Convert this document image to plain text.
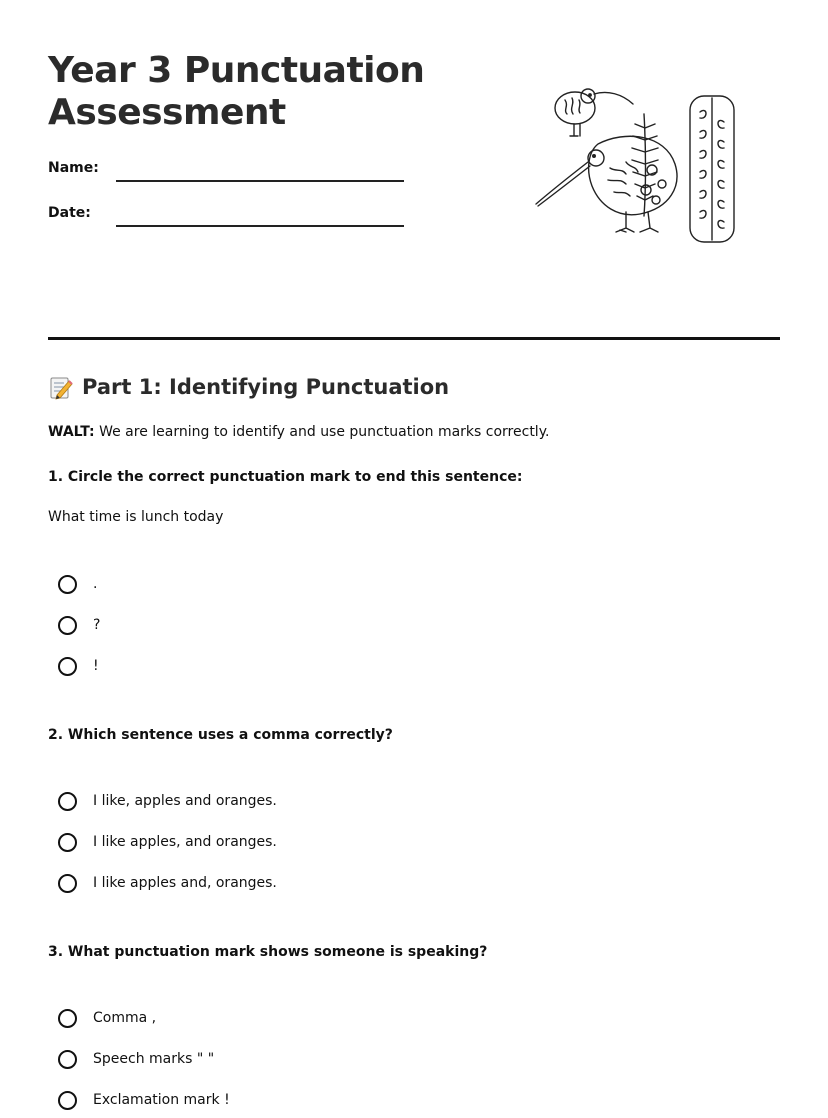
Year 3 Punctuation Assessment
Name:
Date:
Part 1: Identifying Punctuation
WALT: We are learning to identify and use punctuation marks correctly.
1. Circle the correct punctuation mark to end this sentence:
What time is lunch today
.
?
!
2. Which sentence uses a comma correctly?
I like, apples and oranges.
I like apples, and oranges.
I like apples and, oranges.
3. What punctuation mark shows someone is speaking?
Comma ,
Speech marks " "
Exclamation mark !
